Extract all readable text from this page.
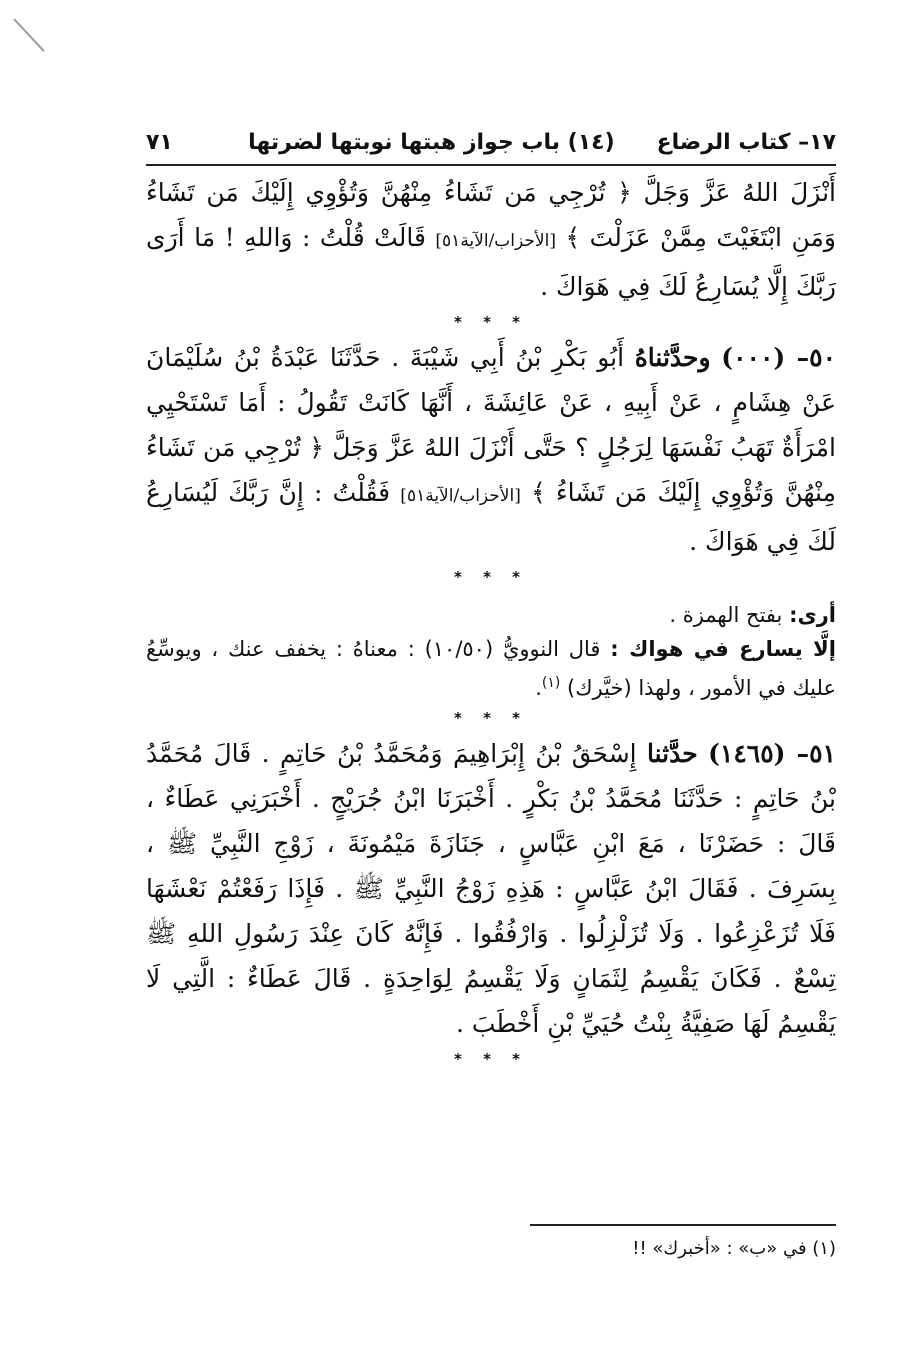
١٧– كتاب الرضاع
(١٤) باب جواز هبتها نوبتها لضرتها
٧١

أَنْزَلَ اللهُ عَزَّ وَجَلَّ ﴿ تُرْجِي مَن تَشَاءُ مِنْهُنَّ وَتُؤْوِي إِلَيْكَ مَن تَشَاءُ وَمَنِ ابْتَغَيْتَ مِمَّنْ عَزَلْتَ ﴾ [الأحزاب/الآية٥١] قَالَتْ قُلْتُ : وَاللهِ ! مَا أَرَى رَبَّكَ إِلَّا يُسَارِعُ لَكَ فِي هَوَاكَ .

* * *

٥٠– (٠٠٠) وحدَّثناهُ أَبُو بَكْرِ بْنُ أَبِي شَيْبَةَ . حَدَّثَنَا عَبْدَةُ بْنُ سُلَيْمَانَ عَنْ هِشَامٍ ، عَنْ أَبِيهِ ، عَنْ عَائِشَةَ ، أَنَّهَا كَانَتْ تَقُولُ : أَمَا تَسْتَحْيِي امْرَأَةٌ تَهَبُ نَفْسَهَا لِرَجُلٍ ؟ حَتَّى أَنْزَلَ اللهُ عَزَّ وَجَلَّ ﴿ تُرْجِي مَن تَشَاءُ مِنْهُنَّ وَتُؤْوِي إِلَيْكَ مَن تَشَاءُ ﴾ [الأحزاب/الآية٥١] فَقُلْتُ : إِنَّ رَبَّكَ لَيُسَارِعُ لَكَ فِي هَوَاكَ .

* * *

أرى: بفتح الهمزة .

إلَّا يسارع في هواك : قال النوويُّ (١٠/٥٠) : معناهُ : يخفف عنك ، ويوسِّعُ عليك في الأمور ، ولهذا (خيَّرك) $^{(١)}$.

* * *

٥١– (١٤٦٥) حدَّثنا إِسْحَقُ بْنُ إِبْرَاهِيمَ وَمُحَمَّدُ بْنُ حَاتِمٍ . قَالَ مُحَمَّدُ بْنُ حَاتِمٍ : حَدَّثَنَا مُحَمَّدُ بْنُ بَكْرٍ . أَخْبَرَنَا ابْنُ جُرَيْجٍ . أَخْبَرَنِي عَطَاءٌ ، قَالَ : حَضَرْنَا ، مَعَ ابْنِ عَبَّاسٍ ، جَنَازَةَ مَيْمُونَةَ ، زَوْجِ النَّبِيِّ ﷺ ، بِسَرِفَ . فَقَالَ ابْنُ عَبَّاسٍ : هَذِهِ زَوْجُ النَّبِيِّ ﷺ . فَإِذَا رَفَعْتُمْ نَعْشَهَا فَلَا تُزَعْزِعُوا . وَلَا تُزَلْزِلُوا . وَارْفُقُوا . فَإِنَّهُ كَانَ عِنْدَ رَسُولِ اللهِ ﷺ تِسْعٌ . فَكَانَ يَقْسِمُ لِثَمَانٍ وَلَا يَقْسِمُ لِوَاحِدَةٍ . قَالَ عَطَاءٌ : الَّتِي لَا يَقْسِمُ لَهَا صَفِيَّةُ بِنْتُ حُيَيِّ بْنِ أَخْطَبَ .

* * *
(١) في «ب» : «أخبرك» !!
